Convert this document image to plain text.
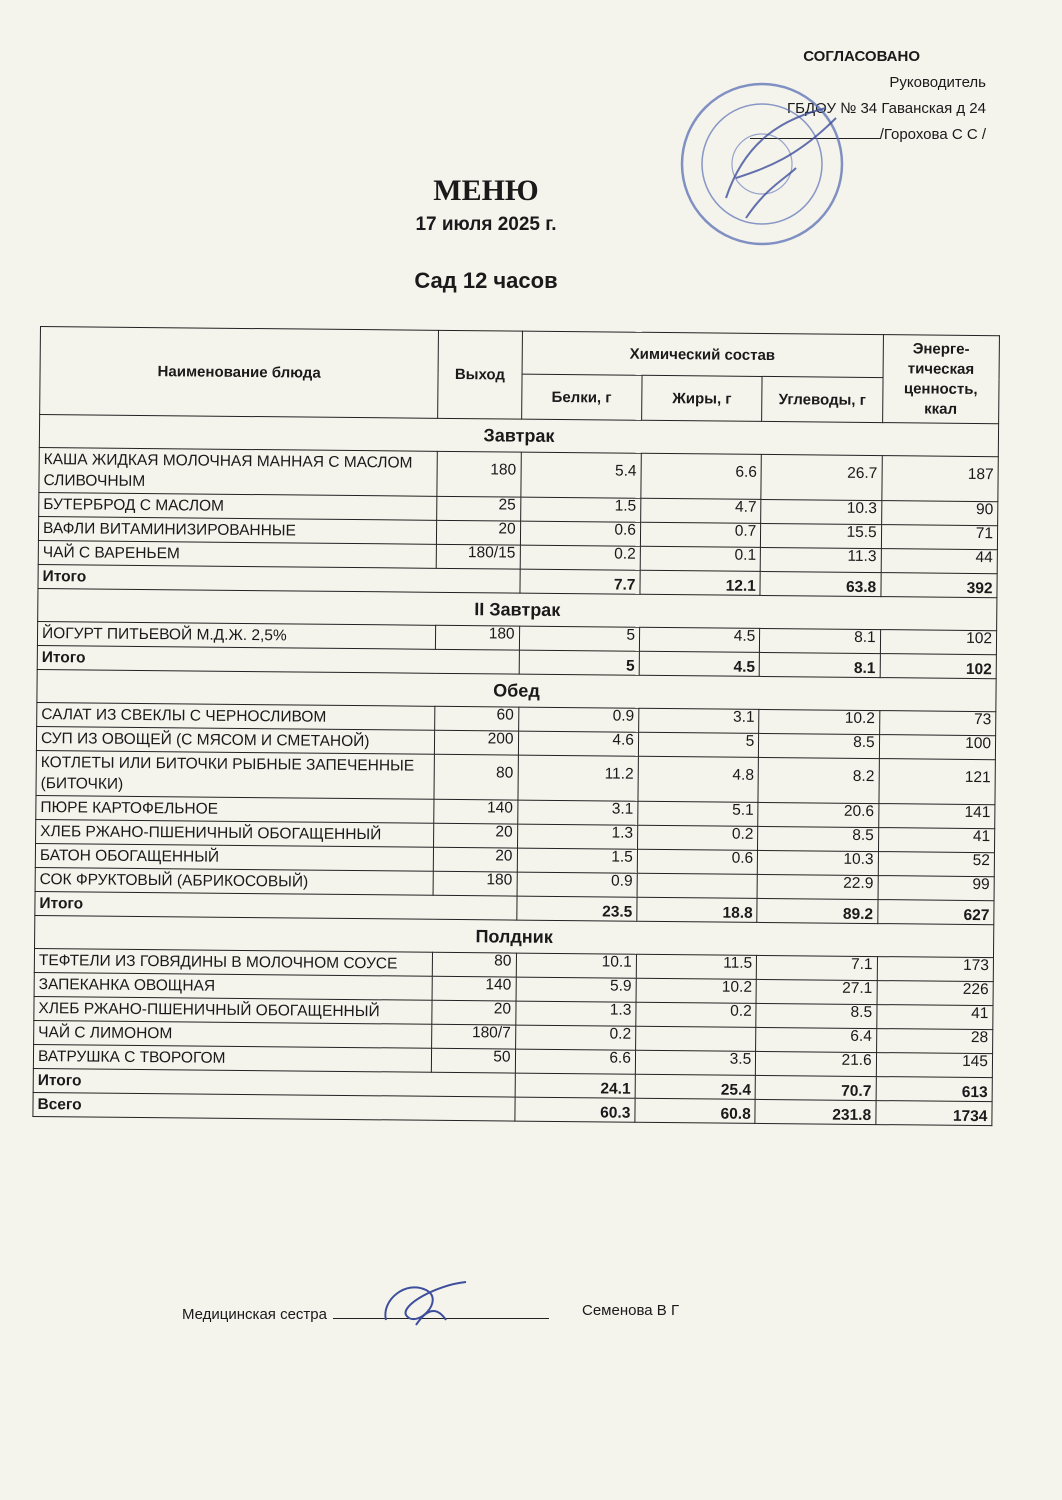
СОГЛАСОВАНО
Руководитель
ГБДОУ № 34 Гаванская д 24
/Горохова С С /
МЕНЮ
17 июля 2025 г.
Сад 12 часов
Наименование блюда	Выход	Химический состав			Энерге-тическая ценность, ккал
		Белки, г	Жиры, г	Углеводы, г	
Завтрак					
КАША ЖИДКАЯ МОЛОЧНАЯ МАННАЯ С МАСЛОМ СЛИВОЧНЫМ	180	5.4	6.6	26.7	187
БУТЕРБРОД С МАСЛОМ	25	1.5	4.7	10.3	90
ВАФЛИ ВИТАМИНИЗИРОВАННЫЕ	20	0.6	0.7	15.5	71
ЧАЙ С ВАРЕНЬЕМ	180/15	0.2	0.1	11.3	44
Итого		7.7	12.1	63.8	392
II Завтрак					
ЙОГУРТ ПИТЬЕВОЙ М.Д.Ж. 2,5%	180	5	4.5	8.1	102
Итого		5	4.5	8.1	102
Обед					
САЛАТ ИЗ СВЕКЛЫ С ЧЕРНОСЛИВОМ	60	0.9	3.1	10.2	73
СУП ИЗ ОВОЩЕЙ (С МЯСОМ И СМЕТАНОЙ)	200	4.6	5	8.5	100
КОТЛЕТЫ ИЛИ БИТОЧКИ РЫБНЫЕ ЗАПЕЧЕННЫЕ (БИТОЧКИ)	80	11.2	4.8	8.2	121
ПЮРЕ КАРТОФЕЛЬНОЕ	140	3.1	5.1	20.6	141
ХЛЕБ РЖАНО-ПШЕНИЧНЫЙ ОБОГАЩЕННЫЙ	20	1.3	0.2	8.5	41
БАТОН ОБОГАЩЕННЫЙ	20	1.5	0.6	10.3	52
СОК ФРУКТОВЫЙ (АБРИКОСОВЫЙ)	180	0.9		22.9	99
Итого		23.5	18.8	89.2	627
Полдник					
ТЕФТЕЛИ ИЗ ГОВЯДИНЫ В МОЛОЧНОМ СОУСЕ	80	10.1	11.5	7.1	173
ЗАПЕКАНКА ОВОЩНАЯ	140	5.9	10.2	27.1	226
ХЛЕБ РЖАНО-ПШЕНИЧНЫЙ ОБОГАЩЕННЫЙ	20	1.3	0.2	8.5	41
ЧАЙ С ЛИМОНОМ	180/7	0.2		6.4	28
ВАТРУШКА С ТВОРОГОМ	50	6.6	3.5	21.6	145
Итого		24.1	25.4	70.7	613
Всего		60.3	60.8	231.8	1734
Медицинская сестра	Семенова В Г
